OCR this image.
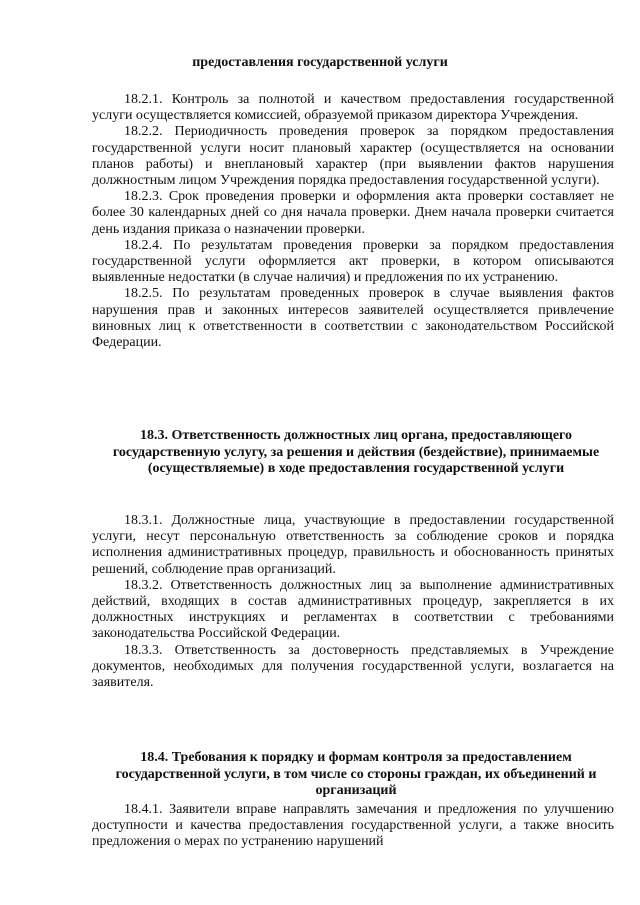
предоставления государственной услуги

18.2.1. Контроль за полнотой и качеством предоставления государственной услуги осуществляется комиссией, образуемой приказом директора Учреждения.

18.2.2. Периодичность проведения проверок за порядком предоставления государственной услуги носит плановый характер (осуществляется на основании планов работы) и внеплановый характер (при выявлении фактов нарушения должностным лицом Учреждения порядка предоставления государственной услуги).

18.2.3. Срок проведения проверки и оформления акта проверки составляет не более 30 календарных дней со дня начала проверки. Днем начала проверки считается день издания приказа о назначении проверки.

18.2.4. По результатам проведения проверки за порядком предоставления государственной услуги оформляется акт проверки, в котором описываются выявленные недостатки (в случае наличия) и предложения по их устранению.

18.2.5. По результатам проведенных проверок в случае выявления фактов нарушения прав и законных интересов заявителей осуществляется привлечение виновных лиц к ответственности в соответствии с законодательством Российской Федерации.

18.3. Ответственность должностных лиц органа, предоставляющего государственную услугу, за решения и действия (бездействие), принимаемые (осуществляемые) в ходе предоставления государственной услуги

18.3.1. Должностные лица, участвующие в предоставлении государственной услуги, несут персональную ответственность за соблюдение сроков и порядка исполнения административных процедур, правильность и обоснованность принятых решений, соблюдение прав организаций.

18.3.2. Ответственность должностных лиц за выполнение административных действий, входящих в состав административных процедур, закрепляется в их должностных инструкциях и регламентах в соответствии с требованиями законодательства Российской Федерации.

18.3.3. Ответственность за достоверность представляемых в Учреждение документов, необходимых для получения государственной услуги, возлагается на заявителя.

18.4. Требования к порядку и формам контроля за предоставлением государственной услуги, в том числе со стороны граждан, их объединений и организаций

18.4.1. Заявители вправе направлять замечания и предложения по улучшению доступности и качества предоставления государственной услуги, а также вносить предложения о мерах по устранению нарушений
